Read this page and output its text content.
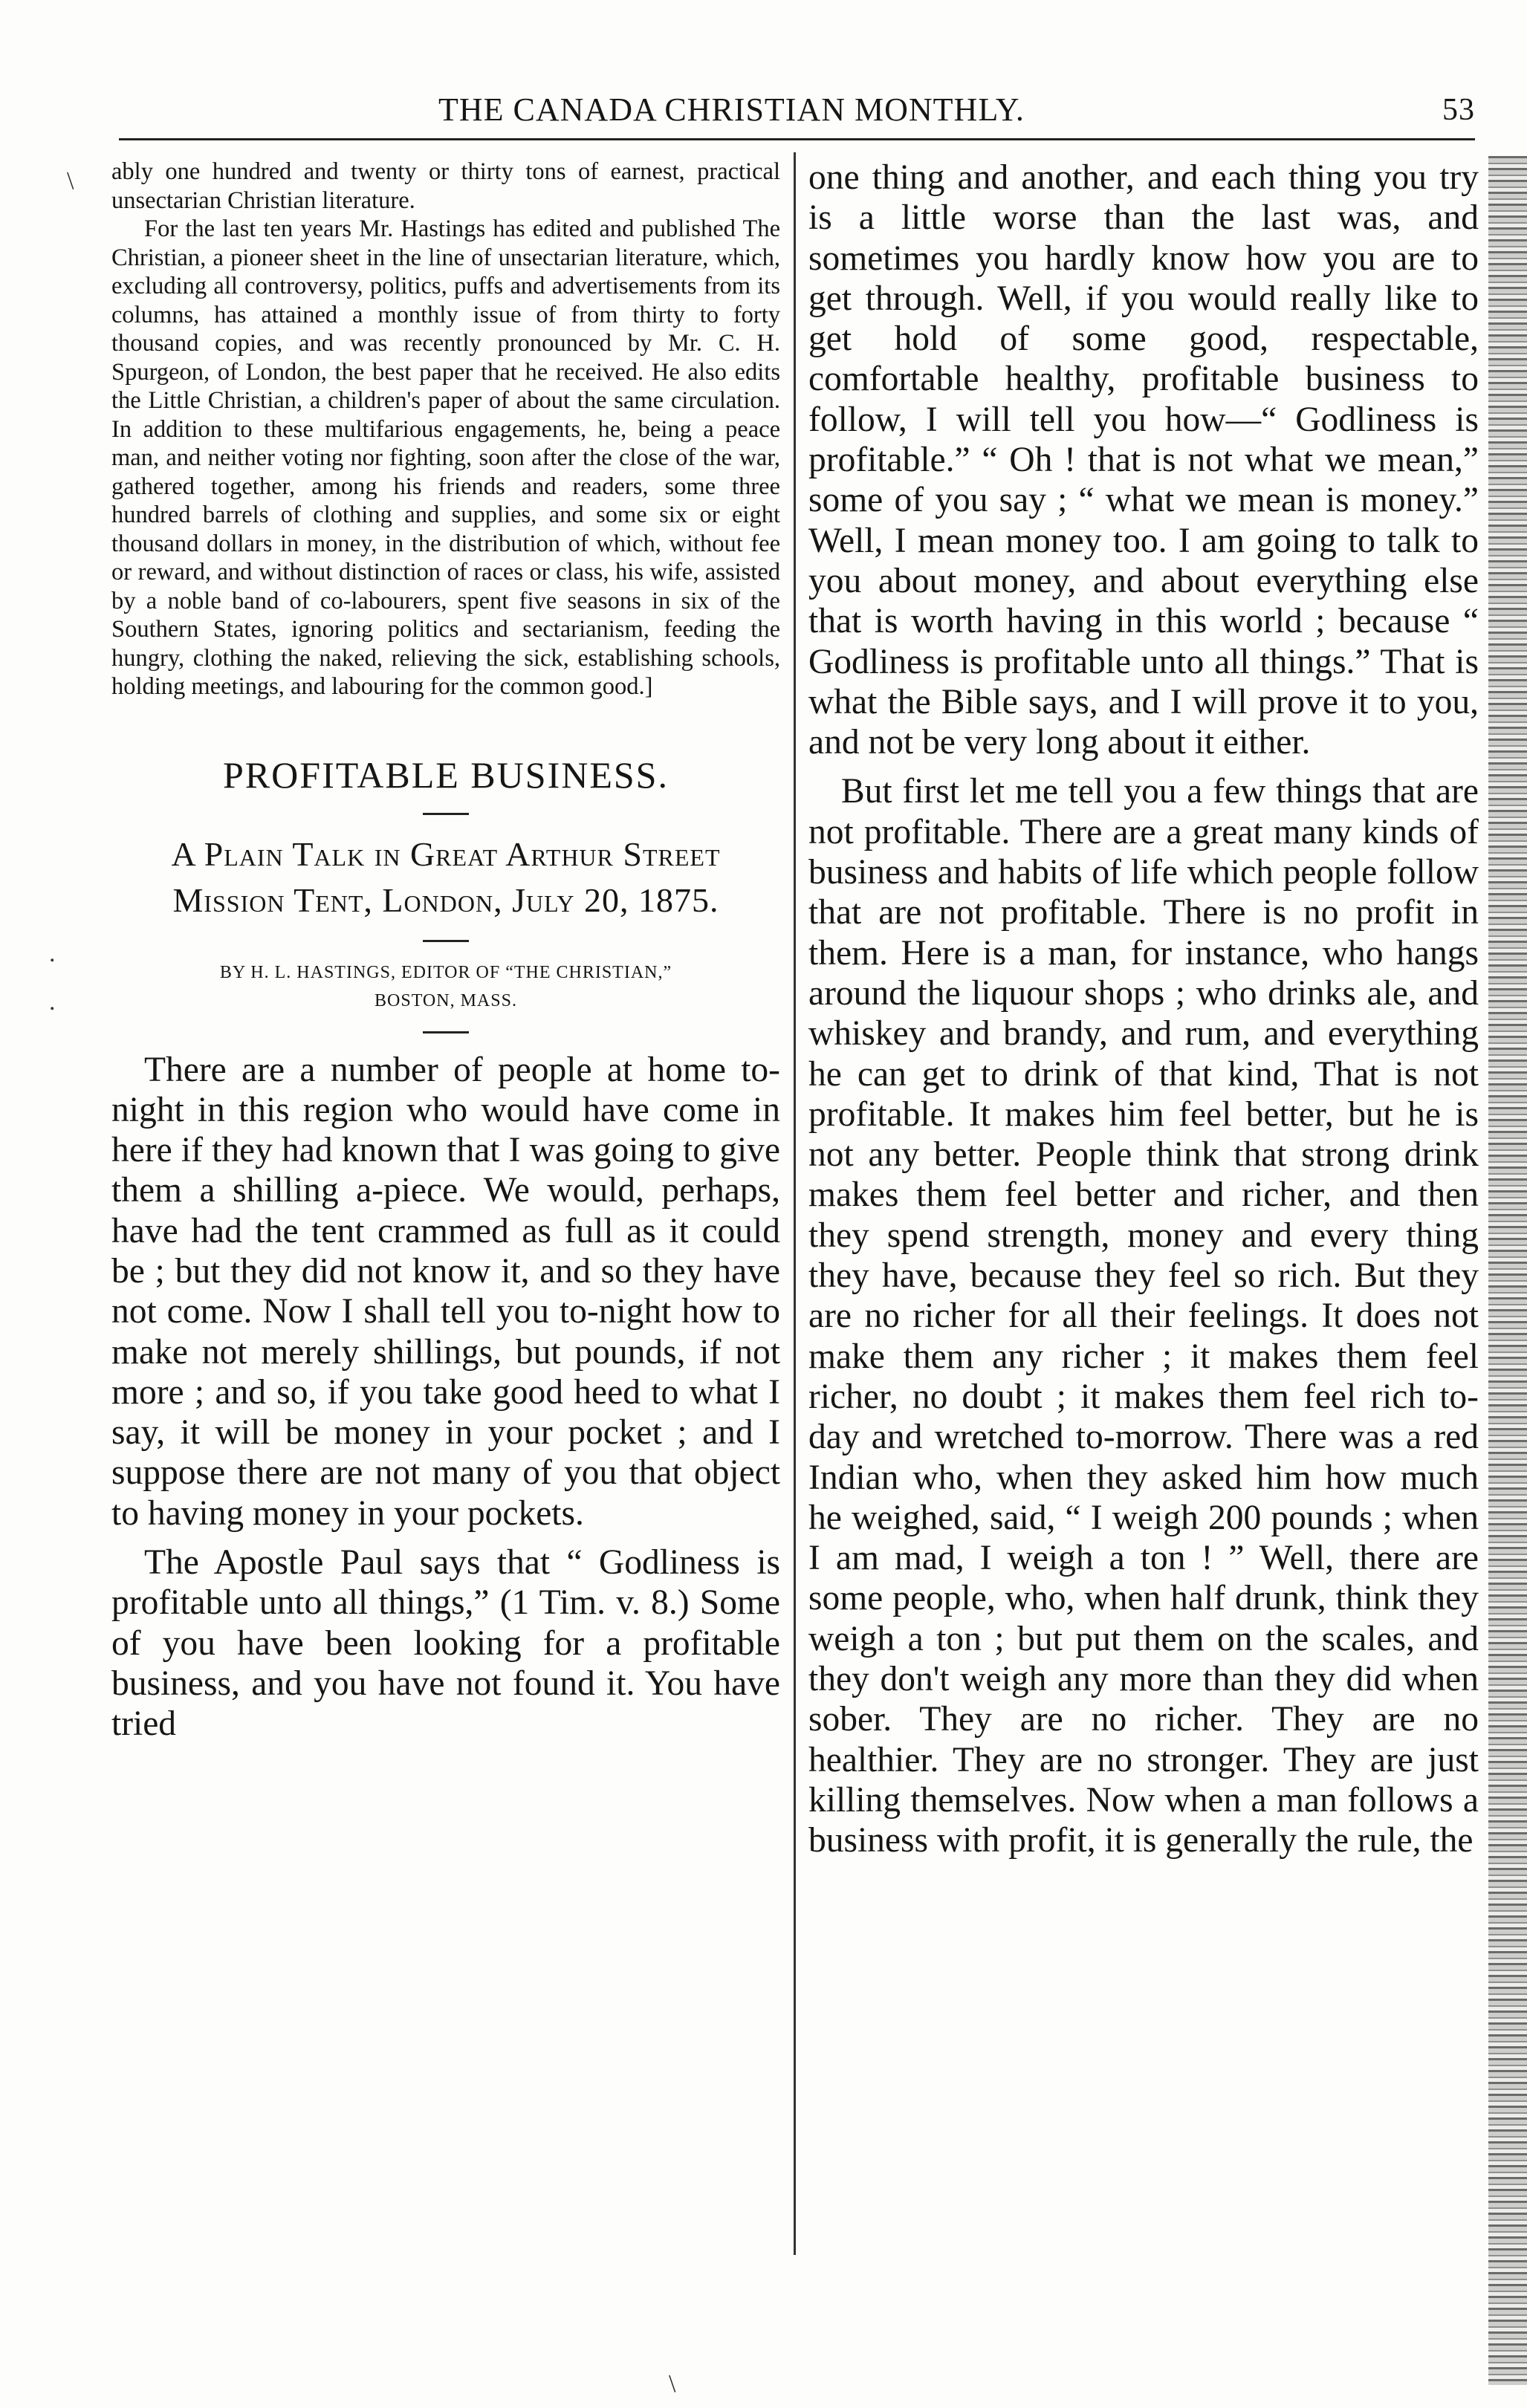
THE CANADA CHRISTIAN MONTHLY.	53
\
.
.
\

ably one hundred and twenty or thirty tons of earnest, practical unsectarian Christian literature.

For the last ten years Mr. Hastings has edited and published The Christian, a pioneer sheet in the line of unsectarian literature, which, excluding all controversy, politics, puffs and advertisements from its columns, has attained a monthly issue of from thirty to forty thousand copies, and was recently pronounced by Mr. C. H. Spurgeon, of London, the best paper that he received. He also edits the Little Christian, a children's paper of about the same circulation. In addition to these multifarious engagements, he, being a peace man, and neither voting nor fighting, soon after the close of the war, gathered together, among his friends and readers, some three hundred barrels of clothing and supplies, and some six or eight thousand dollars in money, in the distribution of which, without fee or reward, and without distinction of races or class, his wife, assisted by a noble band of co-labourers, spent five seasons in six of the Southern States, ignoring politics and sectarianism, feeding the hungry, clothing the naked, relieving the sick, establishing schools, holding meetings, and labouring for the common good.]

PROFITABLE BUSINESS.

A Plain Talk in Great Arthur Street

Mission Tent, London, July 20, 1875.

BY H. L. HASTINGS, EDITOR OF “THE CHRISTIAN,”

BOSTON, MASS.

There are a number of people at home to-night in this region who would have come in here if they had known that I was going to give them a shilling a-piece. We would, perhaps, have had the tent crammed as full as it could be ; but they did not know it, and so they have not come. Now I shall tell you to-night how to make not merely shillings, but pounds, if not more ; and so, if you take good heed to what I say, it will be money in your pocket ; and I suppose there are not many of you that object to having money in your pockets.

The Apostle Paul says that “ Godliness is profitable unto all things,” (1 Tim. v. 8.) Some of you have been looking for a profitable business, and you have not found it. You have tried

one thing and another, and each thing you try is a little worse than the last was, and sometimes you hardly know how you are to get through. Well, if you would really like to get hold of some good, respectable, comfortable healthy, profitable business to follow, I will tell you how—“ Godliness is profitable.” “ Oh ! that is not what we mean,” some of you say ; “ what we mean is money.” Well, I mean money too. I am going to talk to you about money, and about everything else that is worth having in this world ; because “ Godliness is profitable unto all things.” That is what the Bible says, and I will prove it to you, and not be very long about it either.

But first let me tell you a few things that are not profitable. There are a great many kinds of business and habits of life which people follow that are not profitable. There is no profit in them. Here is a man, for instance, who hangs around the liquour shops ; who drinks ale, and whiskey and brandy, and rum, and everything he can get to drink of that kind, That is not profitable. It makes him feel better, but he is not any better. People think that strong drink makes them feel better and richer, and then they spend strength, money and every thing they have, because they feel so rich. But they are no richer for all their feelings. It does not make them any richer ; it makes them feel richer, no doubt ; it makes them feel rich to-day and wretched to-morrow. There was a red Indian who, when they asked him how much he weighed, said, “ I weigh 200 pounds ; when I am mad, I weigh a ton ! ” Well, there are some people, who, when half drunk, think they weigh a ton ; but put them on the scales, and they don't weigh any more than they did when sober. They are no richer. They are no healthier. They are no stronger. They are just killing themselves. Now when a man follows a business with profit, it is generally the rule, the
